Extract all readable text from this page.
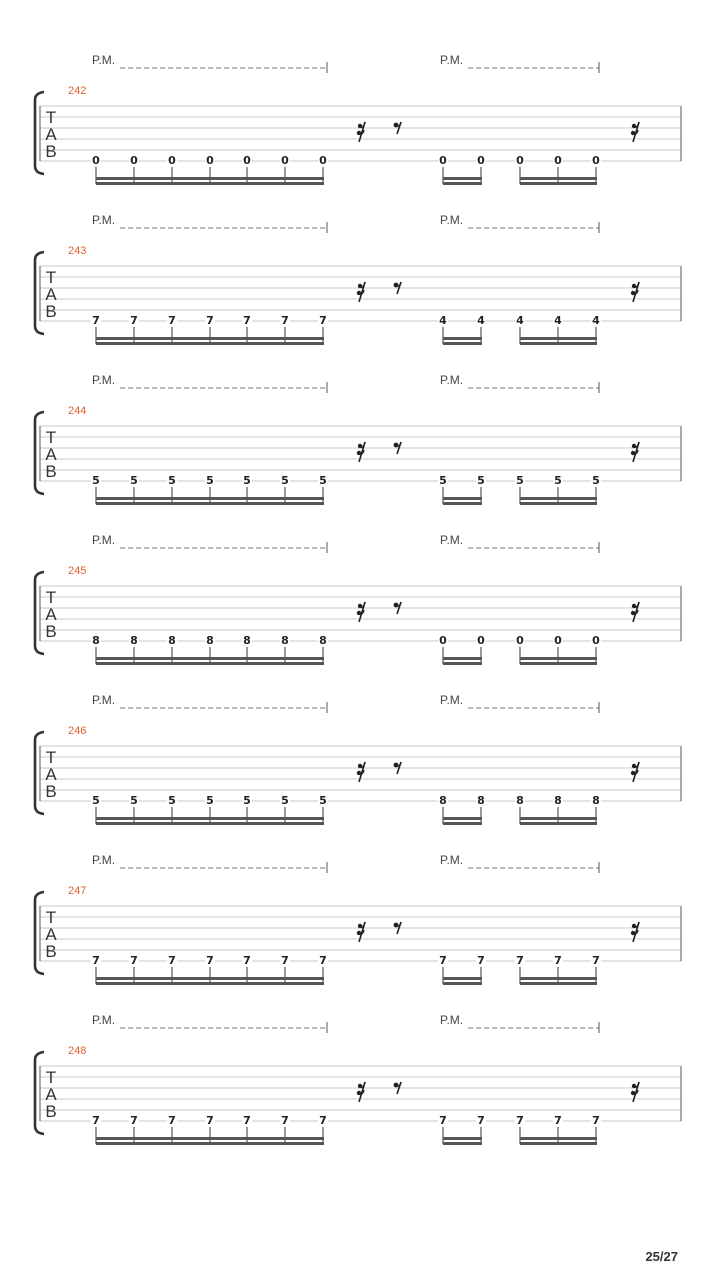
P.M.	P.M.
242
T
A
B	0	0	0	0	0	0	0	0	0	0	0	0
P.M.	P.M.
243
T
A
B	7	7	7	7	7	7	7	4	4	4	4	4
P.M.	P.M.
244
T
A
B	5	5	5	5	5	5	5	5	5	5	5	5
P.M.	P.M.
245
T
A
B	8	8	8	8	8	8	8	0	0	0	0	0
P.M.	P.M.
246
T
A
B	5	5	5	5	5	5	5	8	8	8	8	8
P.M.	P.M.
247
T
A
B	7	7	7	7	7	7	7	7	7	7	7	7
P.M.	P.M.
248
T
A
B	7	7	7	7	7	7	7	7	7	7	7	7
25/27
